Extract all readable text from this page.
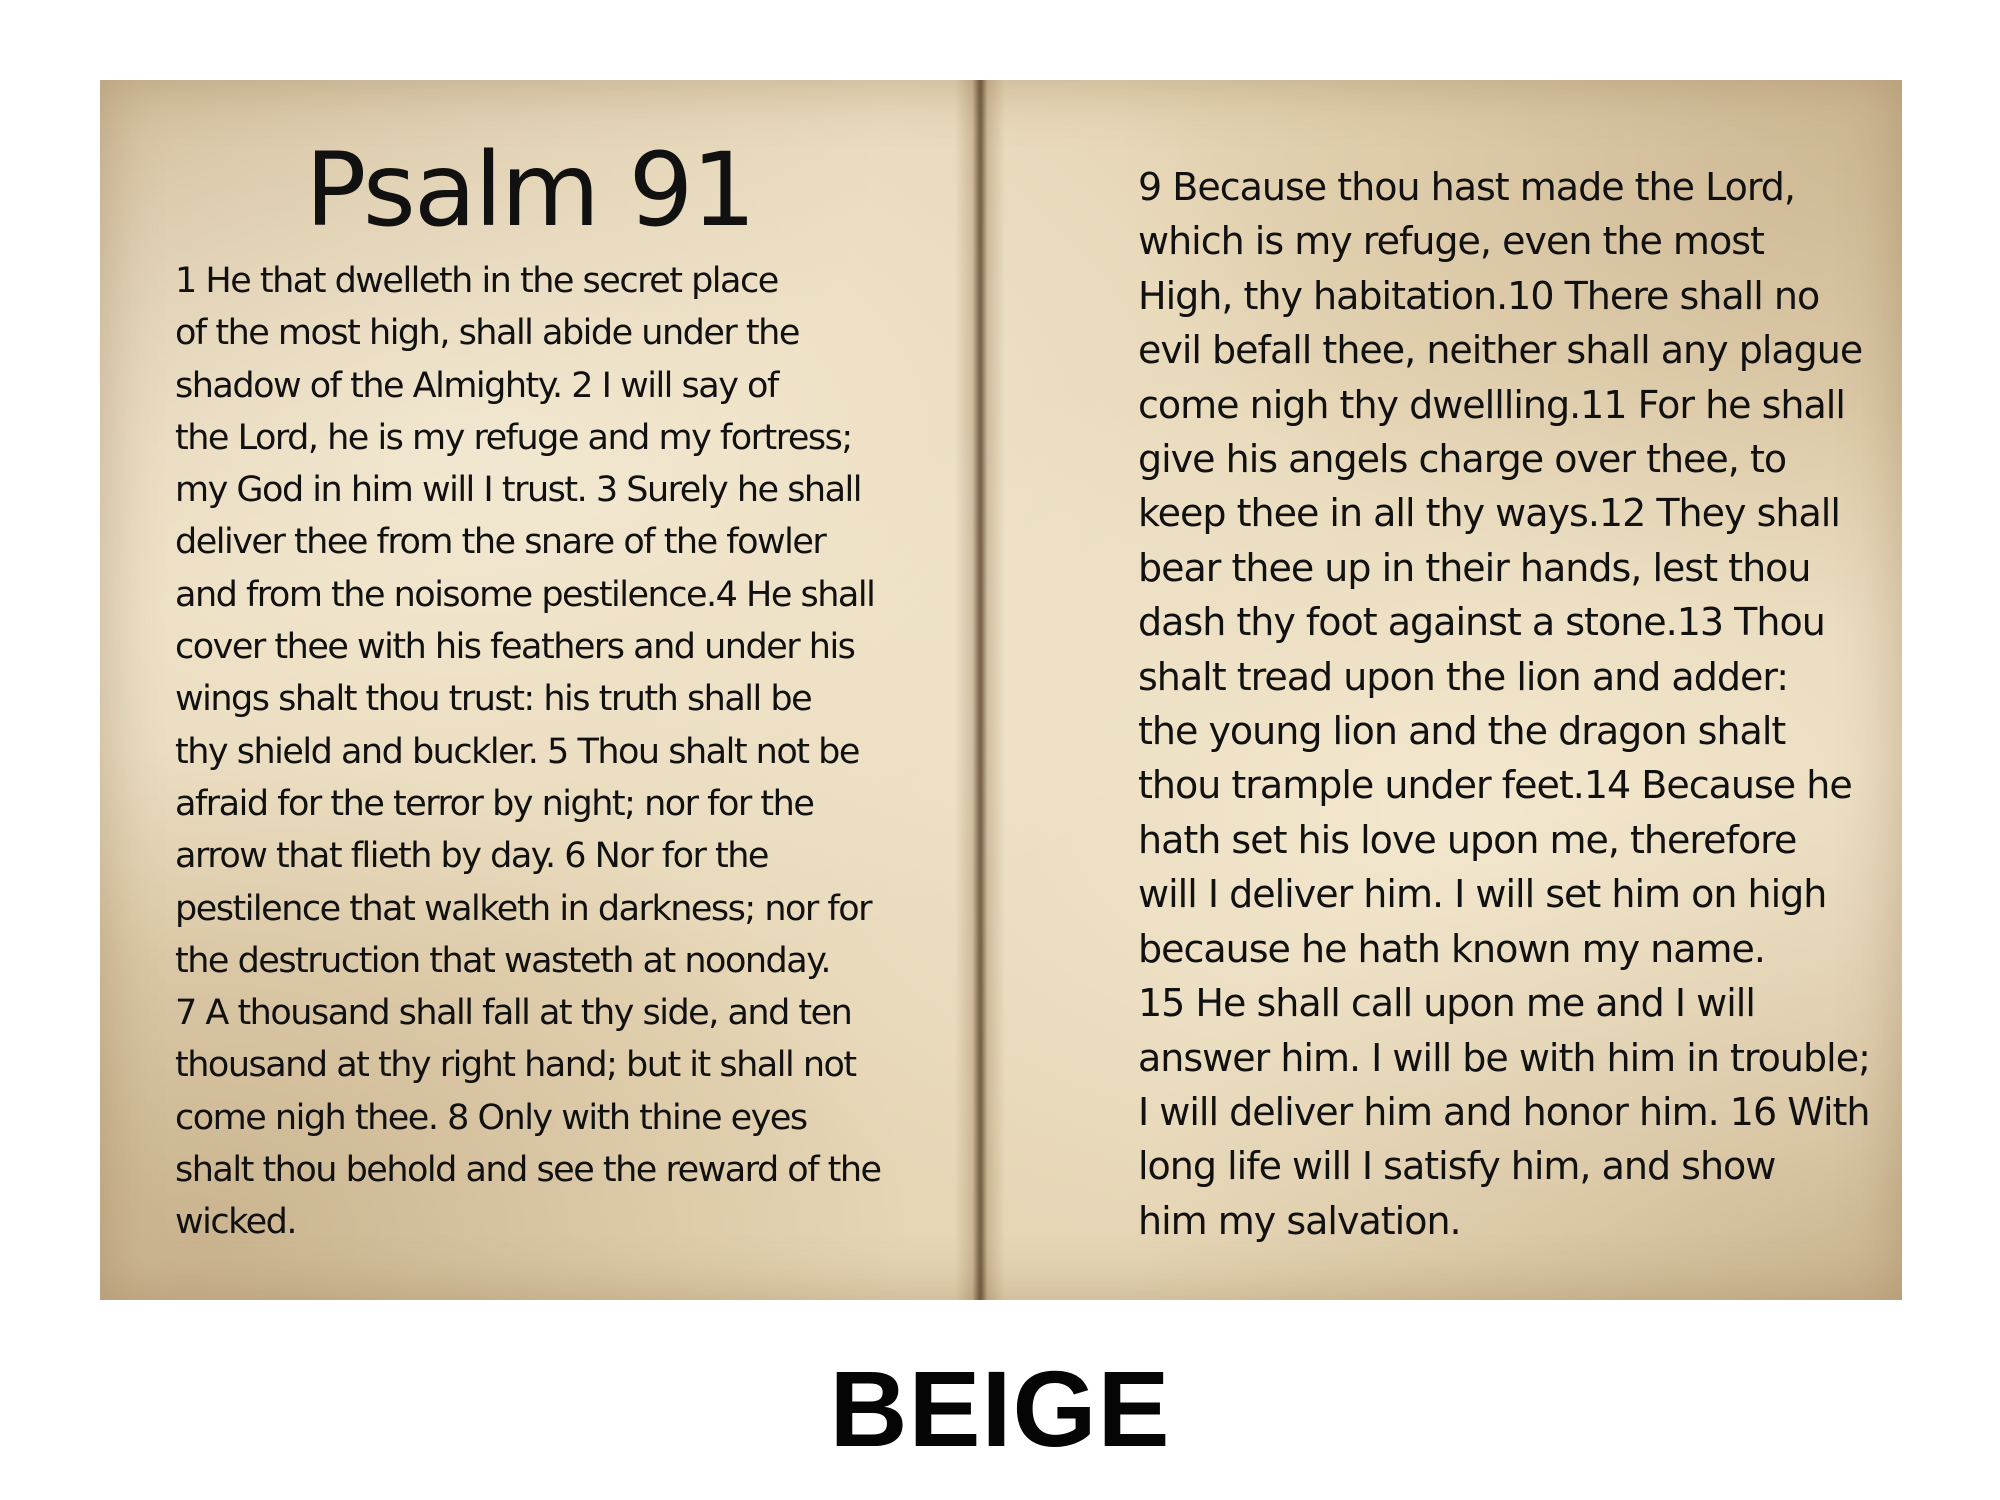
Psalm 91

1 He that dwelleth in the secret place
of the most high, shall abide under the
shadow of the Almighty. 2 I will say of
the Lord, he is my refuge and my fortress;
my God in him will I trust. 3 Surely he shall
deliver thee from the snare of the fowler
and from the noisome pestilence.4 He shall
cover thee with his feathers and under his
wings shalt thou trust: his truth shall be
thy shield and buckler. 5 Thou shalt not be
afraid for the terror by night; nor for the
arrow that flieth by day. 6 Nor for the
pestilence that walketh in darkness; nor for
the destruction that wasteth at noonday.
7 A thousand shall fall at thy side, and ten
thousand at thy right hand; but it shall not
come nigh thee. 8 Only with thine eyes
shalt thou behold and see the reward of the
wicked.

9 Because thou hast made the Lord,
which is my refuge, even the most
High, thy habitation.10 There shall no
evil befall thee, neither shall any plague
come nigh thy dwellling.11 For he shall
give his angels charge over thee, to
keep thee in all thy ways.12 They shall
bear thee up in their hands, lest thou
dash thy foot against a stone.13 Thou
shalt tread upon the lion and adder:
the young lion and the dragon shalt
thou trample under feet.14 Because he
hath set his love upon me, therefore
will I deliver him. I will set him on high
because he hath known my name.
15 He shall call upon me and I will
answer him. I will be with him in trouble;
I will deliver him and honor him. 16 With
long life will I satisfy him, and show
him my salvation.

BEIGE
